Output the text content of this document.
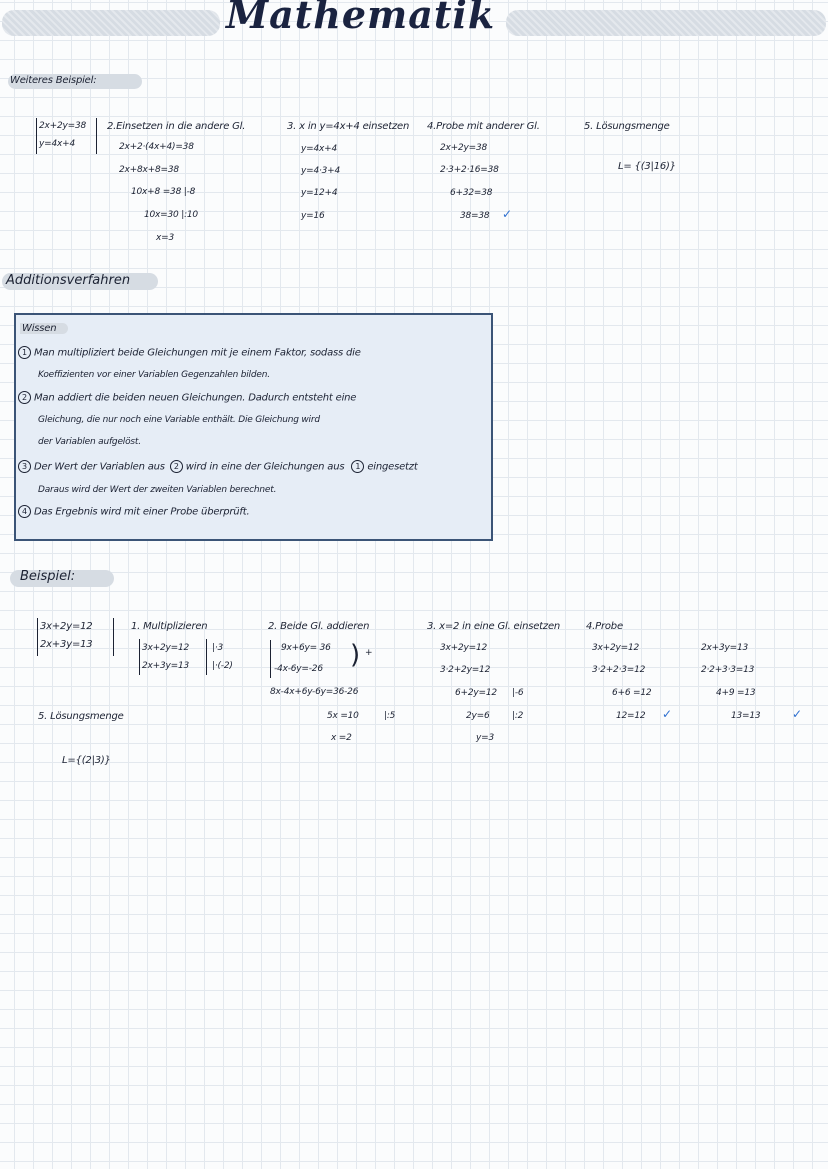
Mathematik
Weiteres Beispiel:
2x+2y=38
y=4x+4
2.Einsetzen in die andere Gl.
2x+2·(4x+4)=38
2x+8x+8=38
10x+8 =38 |-8
10x=30 |:10
x=3
3. x in y=4x+4 einsetzen
y=4x+4
y=4·3+4
y=12+4
y=16
4.Probe mit anderer Gl.
2x+2y=38
2·3+2·16=38
6+32=38
38=38 ✓
5. Lösungsmenge
L= {(3|16)}
Additionsverfahren
Wissen
1 Man multipliziert beide Gleichungen mit je einem Faktor, sodass die
Koeffizienten vor einer Variablen Gegenzahlen bilden.
2 Man addiert die beiden neuen Gleichungen. Dadurch entsteht eine
Gleichung, die nur noch eine Variable enthält. Die Gleichung wird
der Variablen aufgelöst.
3 Der Wert der Variablen aus 2 wird in eine der Gleichungen aus 1 eingesetzt
Daraus wird der Wert der zweiten Variablen berechnet.
4 Das Ergebnis wird mit einer Probe überprüft.
Beispiel:
3x+2y=12
2x+3y=13
1. Multiplizieren
3x+2y=12
2x+3y=13
|·3
|·(-2)
2. Beide Gl. addieren
9x+6y= 36
-4x-6y=-26 ) +
8x-4x+6y-6y=36-26
5x =10	|:5
x =2
3. x=2 in eine Gl. einsetzen
3x+2y=12
3·2+2y=12
6+2y=12 |-6
2y=6 |:2
y=3
4.Probe
3x+2y=12
3·2+2·3=12
6+6 =12
12=12 ✓
2x+3y=13
2·2+3·3=13
4+9 =13
13=13	✓
5. Lösungsmenge
L={(2|3)}
